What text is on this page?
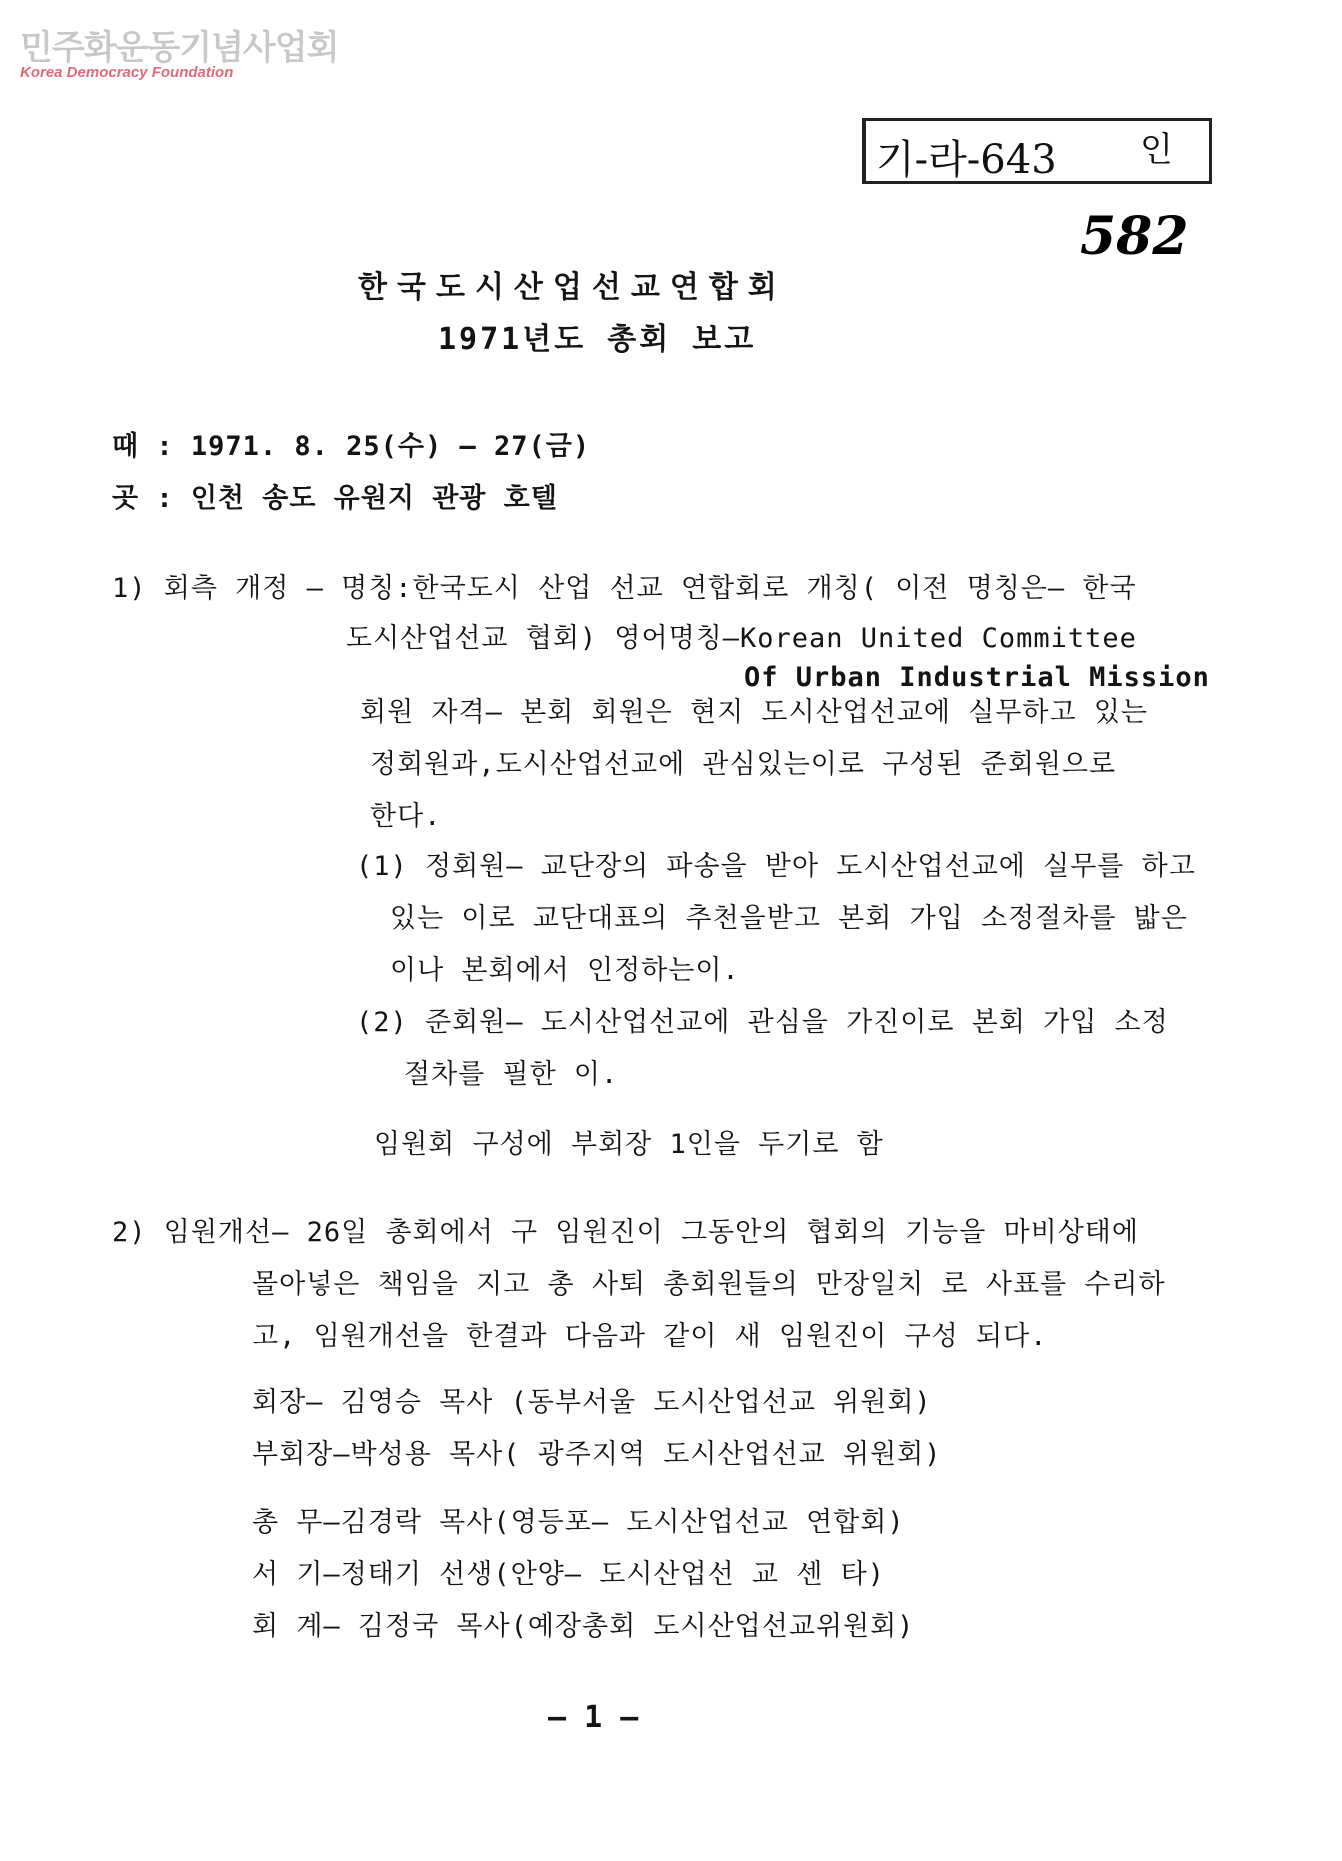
민주화운동기념사업회
Korea Democracy Foundation
기-라-643 인
582
한국도시산업선교연합회
1971년도 총회 보고
때 : 1971. 8. 25(수) — 27(금)
곳 : 인천 송도 유원지 관광 호텔
1) 회측 개정 — 명칭:한국도시 산업 선교 연합회로 개칭( 이전 명칭은— 한국
도시산업선교 협회) 영어명칭—Korean United Committee
Of Urban Industrial Mission
회원 자격— 본회 회원은 현지 도시산업선교에 실무하고 있는
정회원과,도시산업선교에 관심있는이로 구성된 준회원으로
한다.
(1) 정회원— 교단장의 파송을 받아 도시산업선교에 실무를 하고
있는 이로 교단대표의 추천을받고 본회 가입 소정절차를 밟은
이나 본회에서 인정하는이.
(2) 준회원— 도시산업선교에 관심을 가진이로 본회 가입 소정
절차를 필한 이.
임원회 구성에 부회장 1인을 두기로 함
2) 임원개선— 26일 총회에서 구 임원진이 그동안의 협회의 기능을 마비상태에
몰아넣은 책임을 지고 총 사퇴 총회원들의 만장일치 로 사표를 수리하
고, 임원개선을 한결과 다음과 같이 새 임원진이 구성 되다.
회장— 김영승 목사 (동부서울 도시산업선교 위원회)
부회장—박성용 목사( 광주지역 도시산업선교 위원회)
총 무—김경락 목사(영등포— 도시산업선교 연합회)
서 기—정태기 선생(안양— 도시산업선 교 센 타)
회 계— 김정국 목사(예장총회 도시산업선교위원회)
— 1 —
